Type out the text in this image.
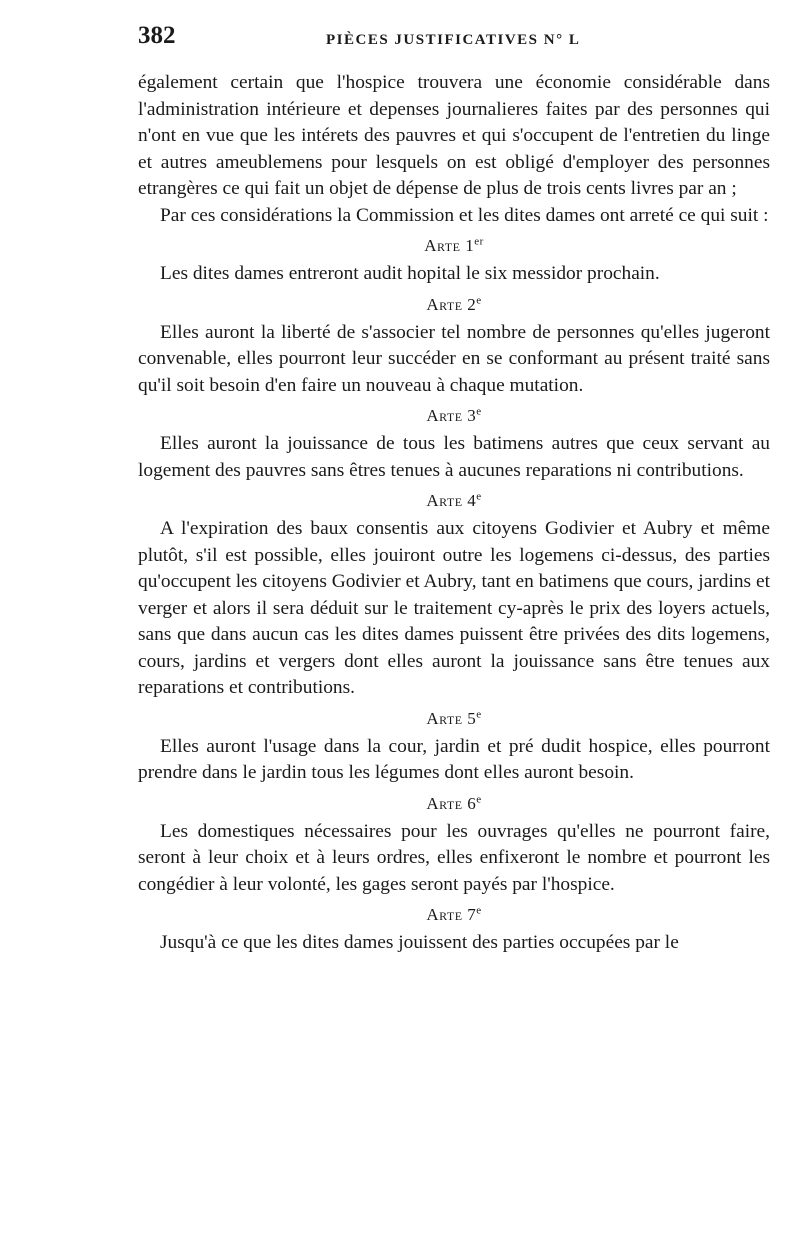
382	PIÈCES JUSTIFICATIVES N° L

également certain que l'hospice trouvera une économie considérable dans l'administration intérieure et depenses journalieres faites par des personnes qui n'ont en vue que les intérets des pauvres et qui s'occupent de l'entretien du linge et autres ameublemens pour lesquels on est obligé d'employer des personnes etrangères ce qui fait un objet de dépense de plus de trois cents livres par an ;

Par ces considérations la Commission et les dites dames ont arreté ce qui suit :

Arte 1er

Les dites dames entreront audit hopital le six messidor prochain.

Arte 2e

Elles auront la liberté de s'associer tel nombre de personnes qu'elles jugeront convenable, elles pourront leur succéder en se conformant au présent traité sans qu'il soit besoin d'en faire un nouveau à chaque mutation.

Arte 3e

Elles auront la jouissance de tous les batimens autres que ceux servant au logement des pauvres sans êtres tenues à aucunes reparations ni contributions.

Arte 4e

A l'expiration des baux consentis aux citoyens Godivier et Aubry et même plutôt, s'il est possible, elles jouiront outre les logemens ci-dessus, des parties qu'occupent les citoyens Godivier et Aubry, tant en batimens que cours, jardins et verger et alors il sera déduit sur le traitement cy-après le prix des loyers actuels, sans que dans aucun cas les dites dames puissent être privées des dits logemens, cours, jardins et vergers dont elles auront la jouissance sans être tenues aux reparations et contributions.

Arte 5e

Elles auront l'usage dans la cour, jardin et pré dudit hospice, elles pourront prendre dans le jardin tous les légumes dont elles auront besoin.

Arte 6e

Les domestiques nécessaires pour les ouvrages qu'elles ne pourront faire, seront à leur choix et à leurs ordres, elles enfixeront le nombre et pourront les congédier à leur volonté, les gages seront payés par l'hospice.

Arte 7e

Jusqu'à ce que les dites dames jouissent des parties occupées par le
